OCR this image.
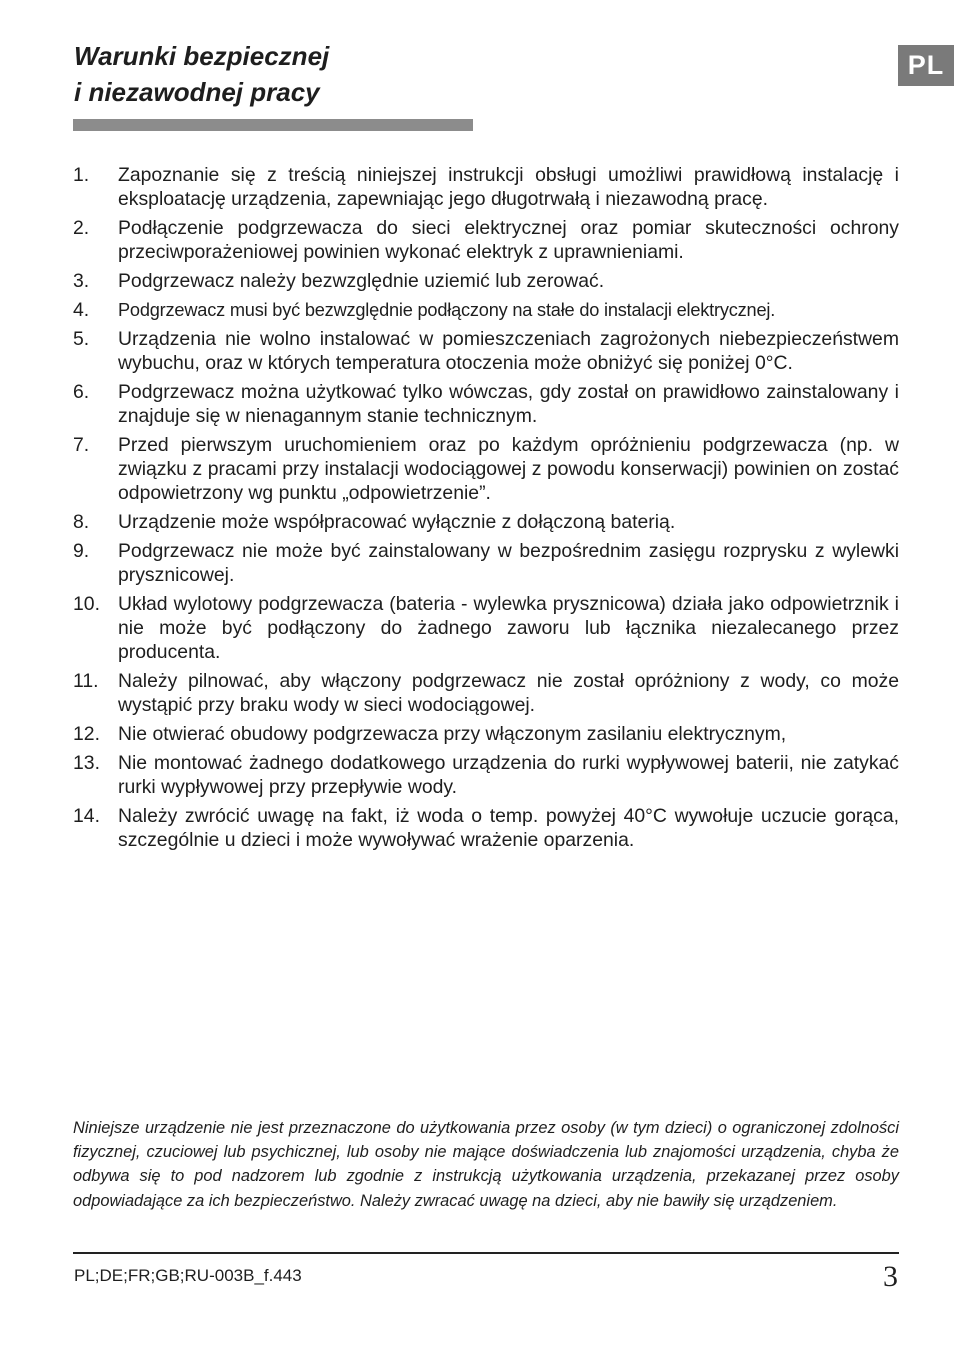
Warunki bezpiecznej
i niezawodnej pracy
PL
1.	Zapoznanie się z treścią niniejszej instrukcji obsługi umożliwi prawidłową instalację i eksploatację urządzenia, zapewniając jego długotrwałą i niezawodną pracę.
2.	Podłączenie podgrzewacza do sieci elektrycznej oraz pomiar skuteczności ochrony przeciwporażeniowej powinien wykonać elektryk z uprawnieniami.
3.	Podgrzewacz należy bezwzględnie uziemić lub zerować.
4.	Podgrzewacz musi być bezwzględnie podłączony na stałe do instalacji elektrycznej.
5.	Urządzenia nie wolno instalować w pomieszczeniach zagrożonych niebezpieczeństwem wybuchu, oraz w których temperatura otoczenia może obniżyć się poniżej 0°C.
6.	Podgrzewacz można użytkować tylko wówczas, gdy został on prawidłowo zainstalowany i znajduje się w nienagannym stanie technicznym.
7.	Przed pierwszym uruchomieniem oraz po każdym opróżnieniu podgrzewacza (np. w związku z pracami przy instalacji wodociągowej z powodu konserwacji) powinien on zostać odpowietrzony wg punktu „odpowietrzenie”.
8.	Urządzenie może współpracować wyłącznie z dołączoną baterią.
9.	Podgrzewacz nie może być zainstalowany w bezpośrednim zasięgu rozprysku z wylewki prysznicowej.
10. Układ wylotowy podgrzewacza (bateria - wylewka prysznicowa) działa jako odpowietrznik i nie może być podłączony do żadnego zaworu lub łącznika niezalecanego przez producenta.
11.	Należy pilnować, aby włączony podgrzewacz nie został opróżniony z wody, co może wystąpić przy braku wody w sieci wodociągowej.
12. Nie otwierać obudowy podgrzewacza przy włączonym zasilaniu elektrycznym,
13. Nie montować żadnego dodatkowego urządzenia do rurki wypływowej baterii, nie zatykać rurki wypływowej przy przepływie wody.
14. Należy zwrócić uwagę na fakt, iż woda o temp. powyżej 40°C wywołuje uczucie gorąca, szczególnie u dzieci i może wywoływać wrażenie oparzenia.

Niniejsze urządzenie nie jest przeznaczone do użytkowania przez osoby (w tym dzieci) o ograniczonej zdolności fizycznej, czuciowej lub psychicznej, lub osoby nie mające doświadczenia lub znajomości urządzenia, chyba że odbywa się to pod nadzorem lub zgodnie z instrukcją użytkowania urządzenia, przekazanej przez osoby odpowiadające za ich bezpieczeństwo. Należy zwracać uwagę na dzieci, aby nie bawiły się urządzeniem.

PL;DE;FR;GB;RU-003B_f.443	3
